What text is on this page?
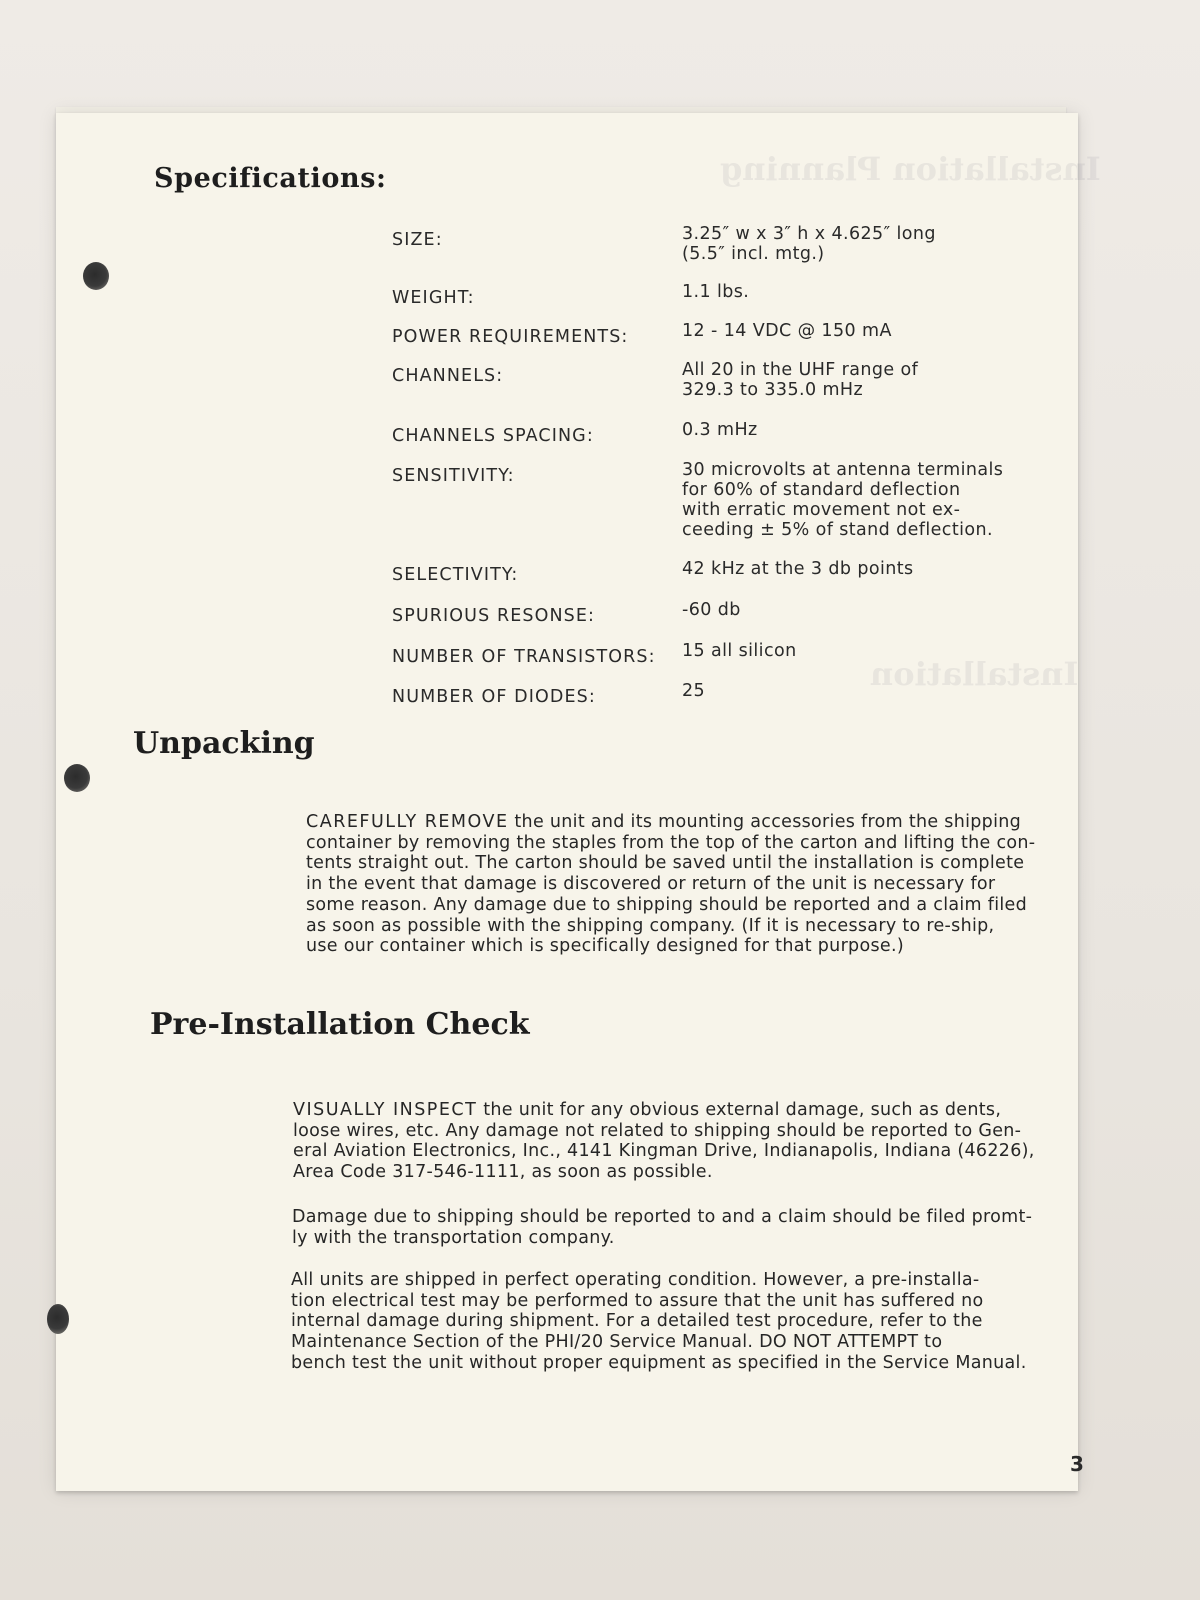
Installation Planning
Installation
Specifications:
SIZE:	3.25″ w x 3″ h x 4.625″ long
(5.5″ incl. mtg.)
WEIGHT:	1.1 lbs.
POWER REQUIREMENTS:	12 - 14 VDC @ 150 mA
CHANNELS:	All 20 in the UHF range of
329.3 to 335.0 mHz
CHANNELS SPACING:	0.3 mHz
SENSITIVITY:	30 microvolts at antenna terminals
for 60% of standard deflection
with erratic movement not ex-
ceeding ± 5% of stand deflection.
SELECTIVITY:	42 kHz at the 3 db points
SPURIOUS RESONSE:	-60 db
NUMBER OF TRANSISTORS: 15 all silicon
NUMBER OF DIODES:	25
Unpacking

CAREFULLY REMOVE the unit and its mounting accessories from the shipping
container by removing the staples from the top of the carton and lifting the con-
tents straight out. The carton should be saved until the installation is complete
in the event that damage is discovered or return of the unit is necessary for
some reason. Any damage due to shipping should be reported and a claim filed
as soon as possible with the shipping company. (If it is necessary to re-ship,
use our container which is specifically designed for that purpose.)

Pre-Installation Check

VISUALLY INSPECT the unit for any obvious external damage, such as dents,
loose wires, etc. Any damage not related to shipping should be reported to Gen-
eral Aviation Electronics, Inc., 4141 Kingman Drive, Indianapolis, Indiana (46226),
Area Code 317-546-1111, as soon as possible.

Damage due to shipping should be reported to and a claim should be filed promt-
ly with the transportation company.

All units are shipped in perfect operating condition. However, a pre-installa-
tion electrical test may be performed to assure that the unit has suffered no
internal damage during shipment. For a detailed test procedure, refer to the
Maintenance Section of the PHI/20 Service Manual. DO NOT ATTEMPT to
bench test the unit without proper equipment as specified in the Service Manual.

3
